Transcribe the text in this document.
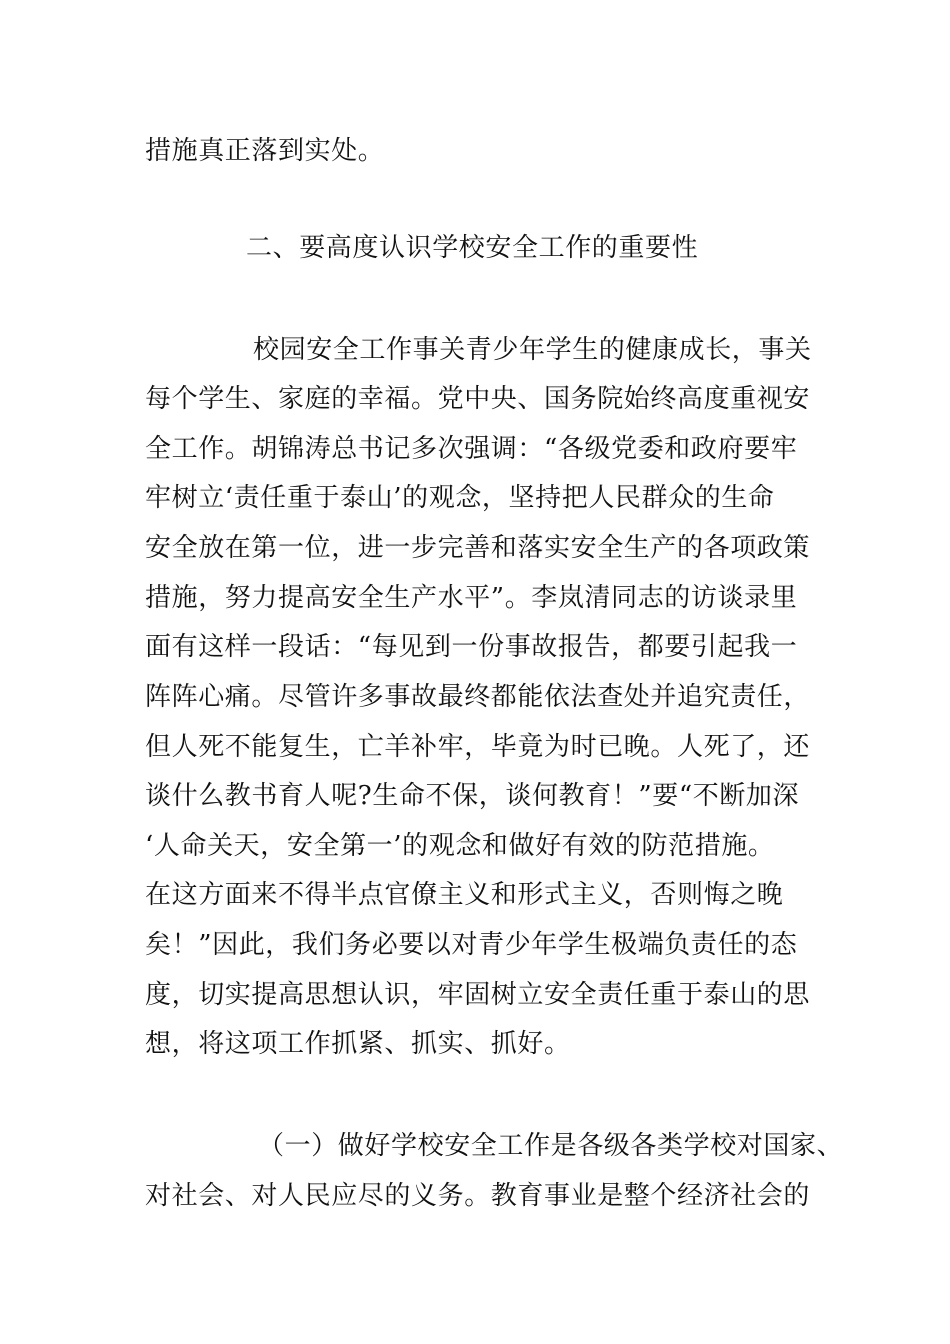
措施真正落到实处。
二、要高度认识学校安全工作的重要性
校园安全工作事关青少年学生的健康成长，事关
每个学生、家庭的幸福。党中央、国务院始终高度重视安
全工作。胡锦涛总书记多次强调：“各级党委和政府要牢
牢树立‘责任重于泰山’的观念，坚持把人民群众的生命
安全放在第一位，进一步完善和落实安全生产的各项政策
措施，努力提高安全生产水平”。李岚清同志的访谈录里
面有这样一段话：“每见到一份事故报告，都要引起我一
阵阵心痛。尽管许多事故最终都能依法查处并追究责任，
但人死不能复生，亡羊补牢，毕竟为时已晚。人死了，还
谈什么教书育人呢?生命不保，谈何教育！”要“不断加深
‘人命关天，安全第一’的观念和做好有效的防范措施。
在这方面来不得半点官僚主义和形式主义，否则悔之晚
矣！”因此，我们务必要以对青少年学生极端负责任的态
度，切实提高思想认识，牢固树立安全责任重于泰山的思
想，将这项工作抓紧、抓实、抓好。
（一）做好学校安全工作是各级各类学校对国家、
对社会、对人民应尽的义务。教育事业是整个经济社会的
